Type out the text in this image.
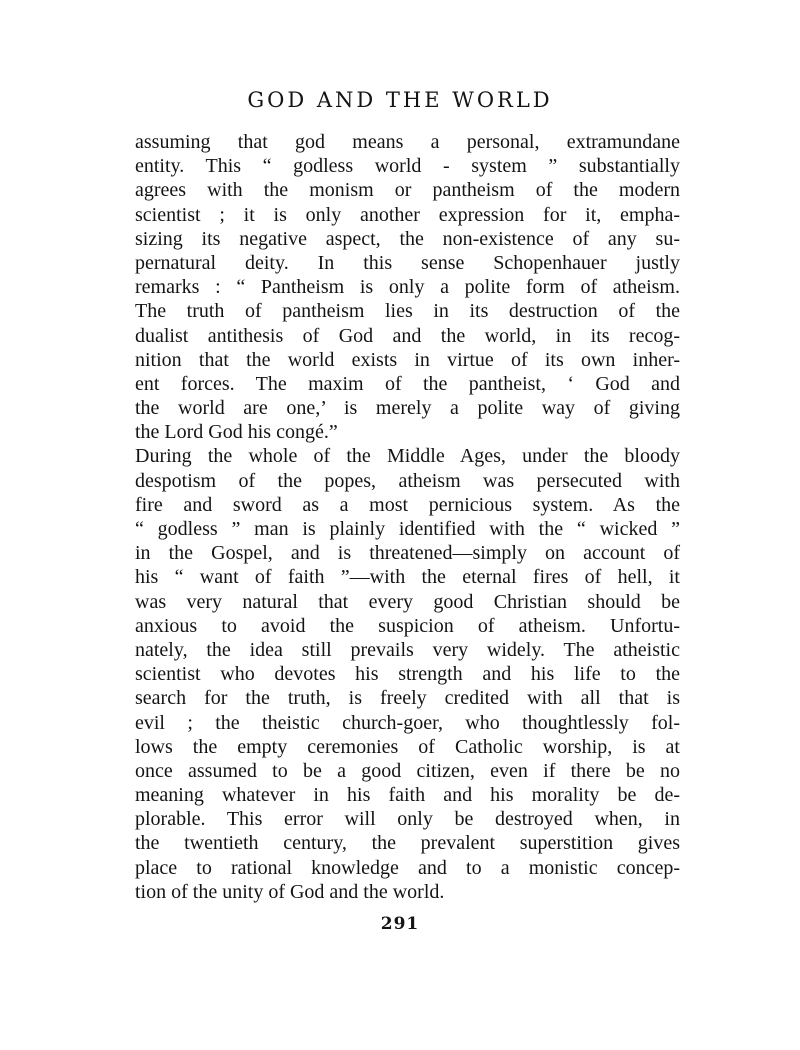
GOD AND THE WORLD
assuming that god means a personal, extramundane
entity. This “ godless world - system ” substantially
agrees with the monism or pantheism of the modern
scientist ; it is only another expression for it, empha-
sizing its negative aspect, the non-existence of any su-
pernatural deity. In this sense Schopenhauer justly
remarks : “ Pantheism is only a polite form of atheism.
The truth of pantheism lies in its destruction of the
dualist antithesis of God and the world, in its recog-
nition that the world exists in virtue of its own inher-
ent forces. The maxim of the pantheist, ‘ God and
the world are one,’ is merely a polite way of giving
the Lord God his congé.”
During the whole of the Middle Ages, under the bloody
despotism of the popes, atheism was persecuted with
fire and sword as a most pernicious system. As the
“ godless ” man is plainly identified with the “ wicked ”
in the Gospel, and is threatened—simply on account of
his “ want of faith ”—with the eternal fires of hell, it
was very natural that every good Christian should be
anxious to avoid the suspicion of atheism. Unfortu-
nately, the idea still prevails very widely. The atheistic
scientist who devotes his strength and his life to the
search for the truth, is freely credited with all that is
evil ; the theistic church-goer, who thoughtlessly fol-
lows the empty ceremonies of Catholic worship, is at
once assumed to be a good citizen, even if there be no
meaning whatever in his faith and his morality be de-
plorable. This error will only be destroyed when, in
the twentieth century, the prevalent superstition gives
place to rational knowledge and to a monistic concep-
tion of the unity of God and the world.
291
